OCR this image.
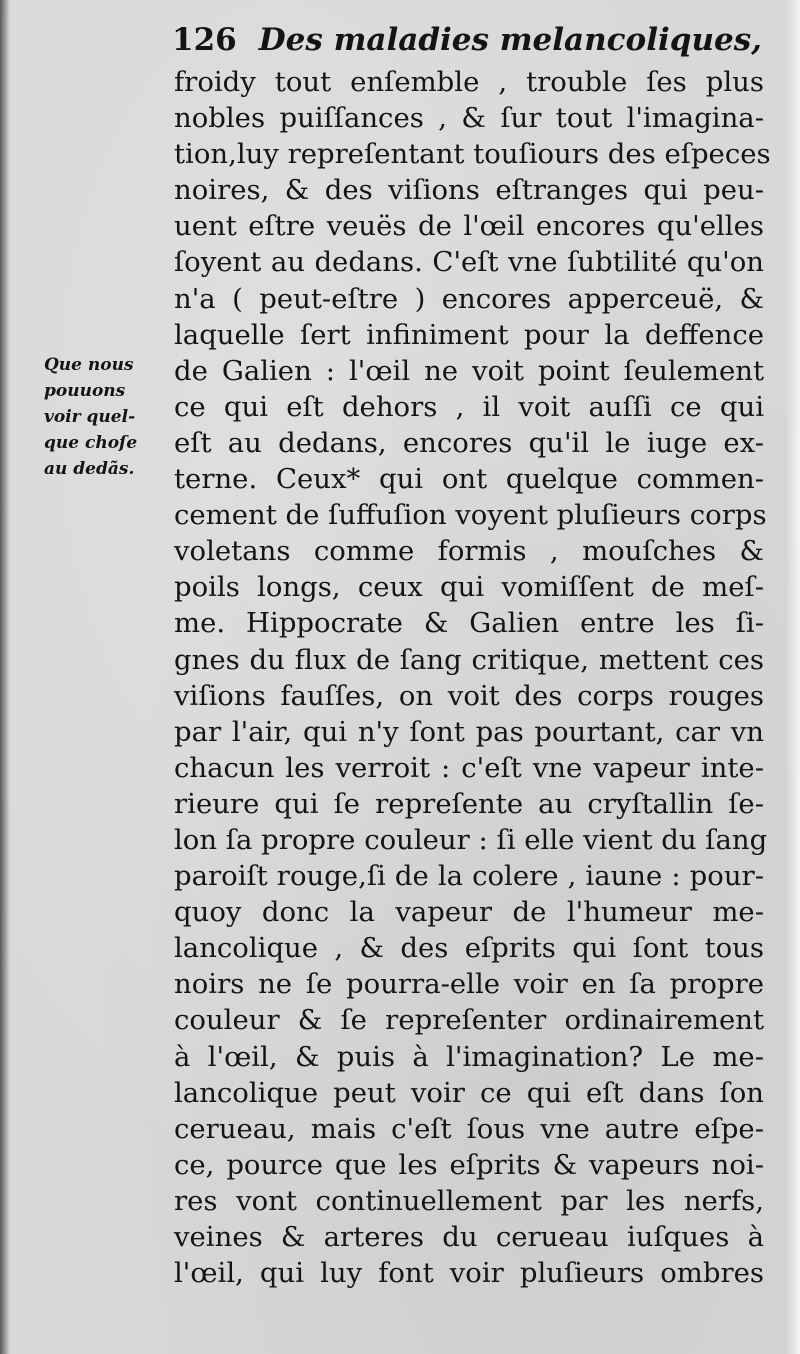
126 Des maladies melancoliques,
Que nous
pouuons
voir quel-
que choſe
au dedãs.
froidy tout enſemble , trouble ſes plus
nobles puiſſances , & ſur tout l'imagina-
tion,luy repreſentant touſiours des eſpeces
noires, & des viſions eſtranges qui peu-
uent eſtre veuës de l'œil encores qu'elles
ſoyent au dedans. C'eſt vne ſubtilité qu'on
n'a ( peut-eſtre ) encores apperceuë, &
laquelle ſert infiniment pour la deffence
de Galien : l'œil ne voit point ſeulement
ce qui eſt dehors , il voit auſſi ce qui
eſt au dedans, encores qu'il le iuge ex-
terne. Ceux* qui ont quelque commen-
cement de ſuffuſion voyent pluſieurs corps
voletans comme formis , mouſches &
poils longs, ceux qui vomiſſent de meſ-
me. Hippocrate & Galien entre les ſi-
gnes du flux de ſang critique, mettent ces
viſions fauſſes, on voit des corps rouges
par l'air, qui n'y ſont pas pourtant, car vn
chacun les verroit : c'eſt vne vapeur inte-
rieure qui ſe repreſente au cryſtallin ſe-
lon ſa propre couleur : ſi elle vient du ſang
paroiſt rouge,ſi de la colere , iaune : pour-
quoy donc la vapeur de l'humeur me-
lancolique , & des eſprits qui ſont tous
noirs ne ſe pourra-elle voir en ſa propre
couleur & ſe repreſenter ordinairement
à l'œil, & puis à l'imagination? Le me-
lancolique peut voir ce qui eſt dans ſon
cerueau, mais c'eſt ſous vne autre eſpe-
ce, pource que les eſprits & vapeurs noi-
res vont continuellement par les nerfs,
veines & arteres du cerueau iuſques à
l'œil, qui luy font voir pluſieurs ombres
